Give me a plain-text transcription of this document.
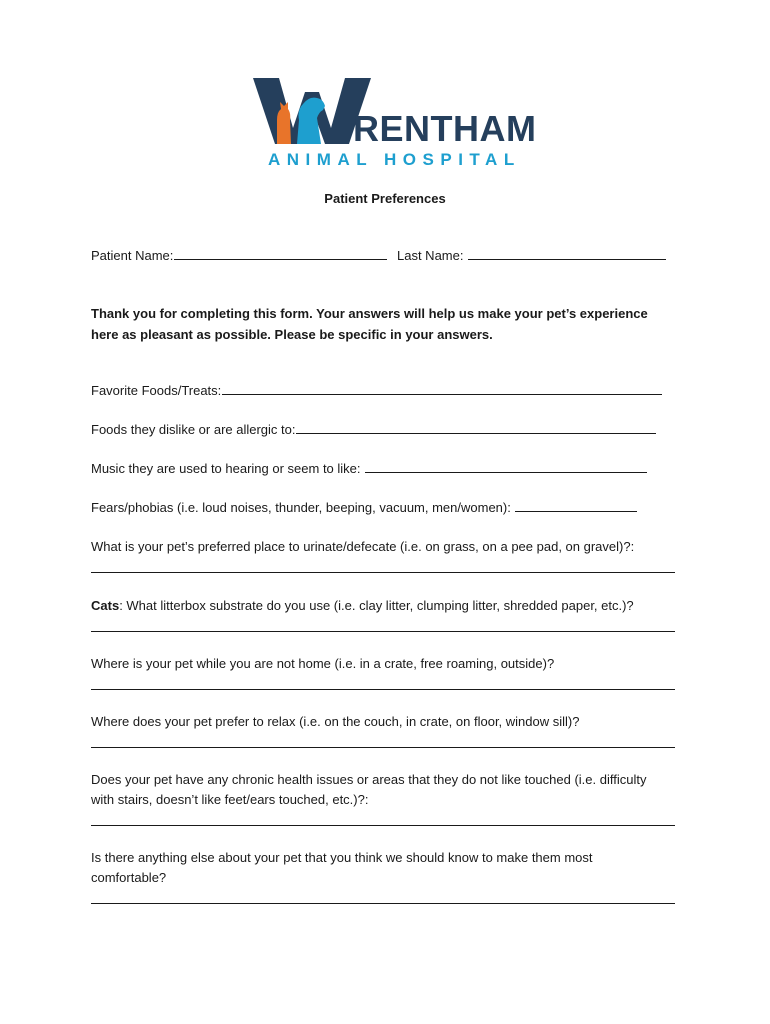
RENTHAM
ANIMAL HOSPITAL
Patient Preferences
Patient Name:	Last Name:
Thank you for completing this form. Your answers will help us make your pet’s experience here as pleasant as possible. Please be specific in your answers.
Favorite Foods/Treats:
Foods they dislike or are allergic to:
Music they are used to hearing or seem to like:
Fears/phobias (i.e. loud noises, thunder, beeping, vacuum, men/women):
What is your pet’s preferred place to urinate/defecate (i.e. on grass, on a pee pad, on gravel)?:
Cats: What litterbox substrate do you use (i.e. clay litter, clumping litter, shredded paper, etc.)?
Where is your pet while you are not home (i.e. in a crate, free roaming, outside)?
Where does your pet prefer to relax (i.e. on the couch, in crate, on floor, window sill)?
Does your pet have any chronic health issues or areas that they do not like touched (i.e. difficulty with stairs, doesn’t like feet/ears touched, etc.)?:
Is there anything else about your pet that you think we should know to make them most comfortable?
